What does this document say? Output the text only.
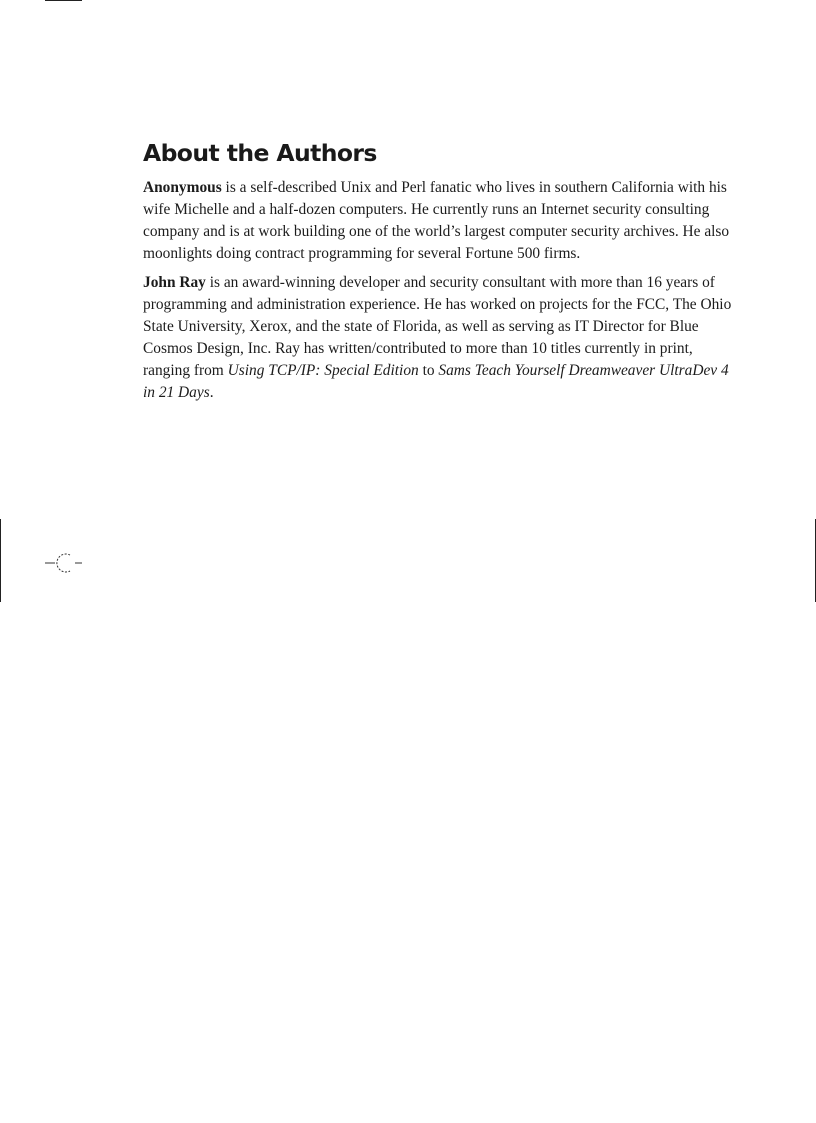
About the Authors

Anonymous is a self-described Unix and Perl fanatic who lives in southern California with his wife Michelle and a half-dozen computers. He currently runs an Internet security consulting company and is at work building one of the world’s largest computer security archives. He also moonlights doing contract programming for several Fortune 500 firms.

John Ray is an award-winning developer and security consultant with more than 16 years of programming and administration experience. He has worked on projects for the FCC, The Ohio State University, Xerox, and the state of Florida, as well as serving as IT Director for Blue Cosmos Design, Inc. Ray has written/contributed to more than 10 titles currently in print, ranging from Using TCP/IP: Special Edition to Sams Teach Yourself Dreamweaver UltraDev 4 in 21 Days.
